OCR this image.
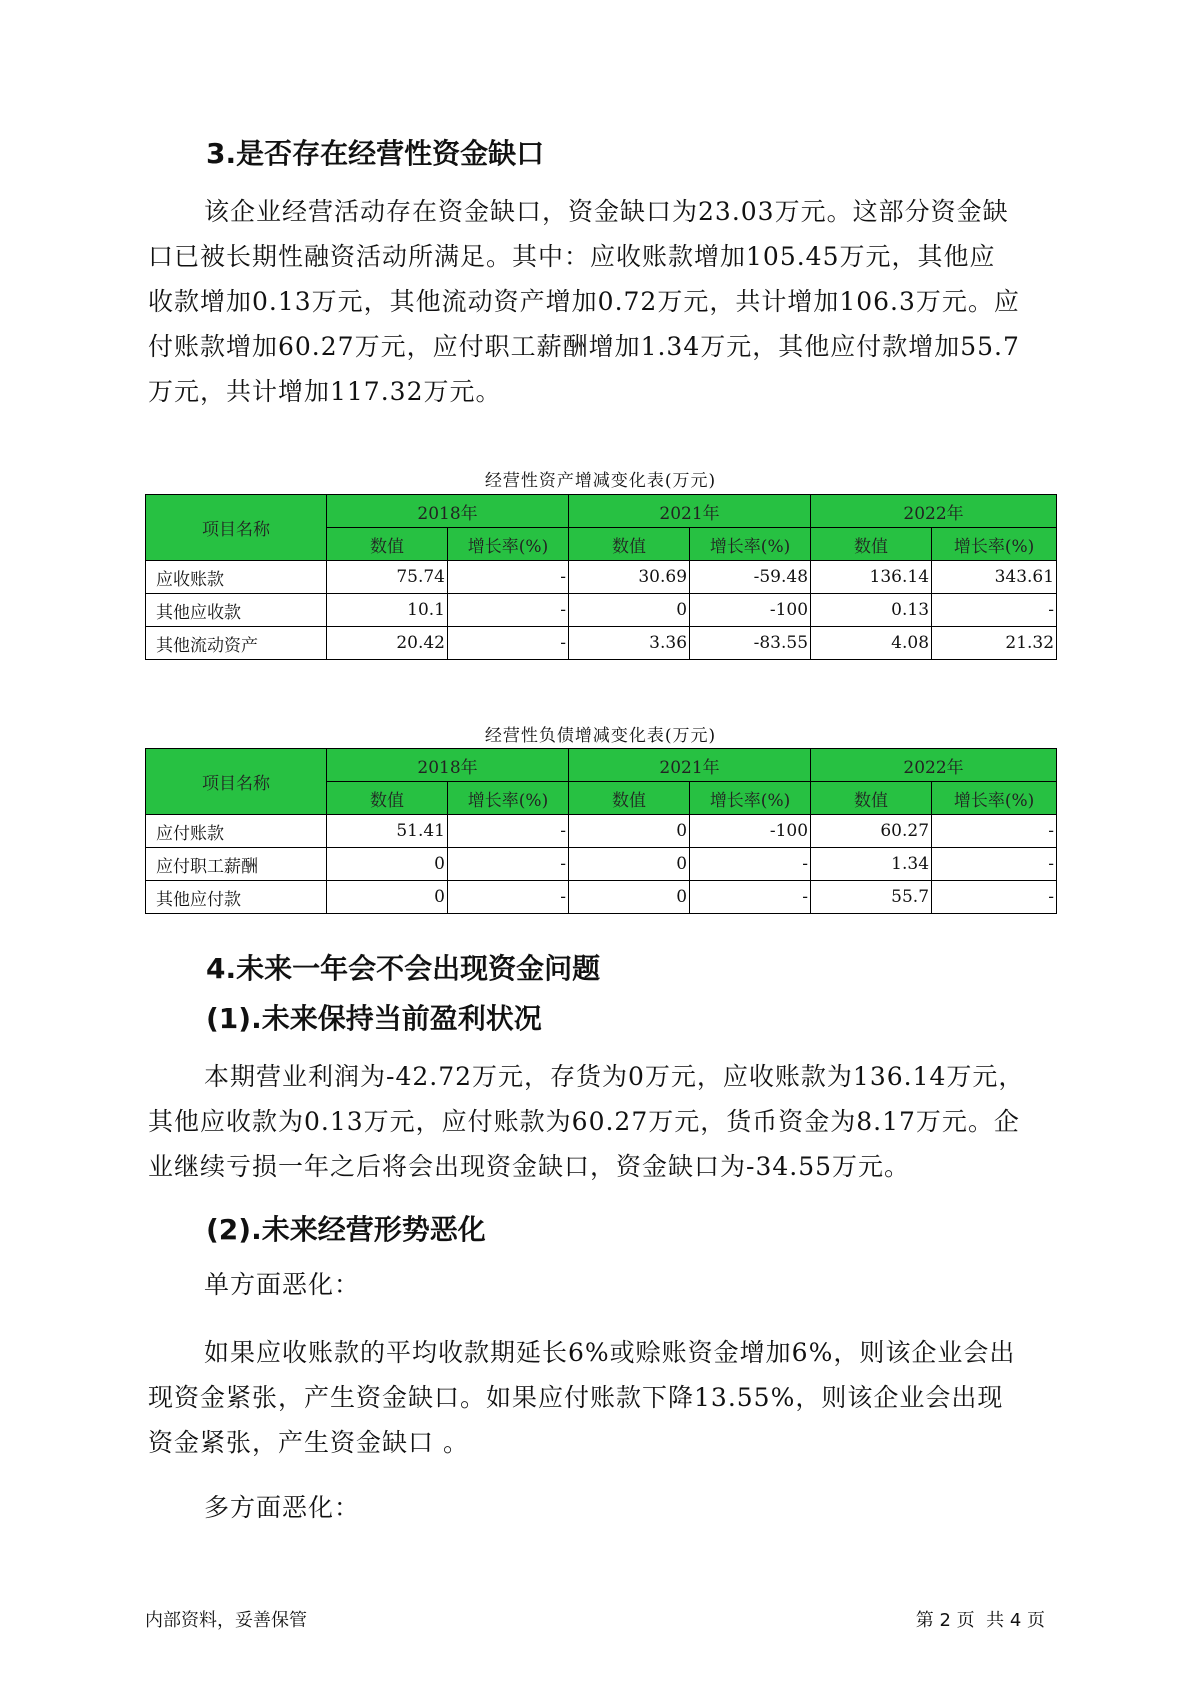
3.是否存在经营性资金缺口

该企业经营活动存在资金缺口，资金缺口为23.03万元。这部分资金缺
口已被长期性融资活动所满足。其中：应收账款增加105.45万元，其他应
收款增加0.13万元，其他流动资产增加0.72万元，共计增加106.3万元。应
付账款增加60.27万元，应付职工薪酬增加1.34万元，其他应付款增加55.7
万元，共计增加117.32万元。

经营性资产增减变化表(万元)

项目名称	2018年		2021年		2022年	
	数值	增长率(%)	数值	增长率(%)	数值	增长率(%)
应收账款	75.74	-	30.69	-59.48	136.14	343.61
其他应收款	10.1	-	0	-100	0.13	-
其他流动资产	20.42	-	3.36	-83.55	4.08	21.32

经营性负债增减变化表(万元)

项目名称	2018年		2021年		2022年	
	数值	增长率(%)	数值	增长率(%)	数值	增长率(%)
应付账款	51.41	-	0	-100	60.27	-
应付职工薪酬	0	-	0	-	1.34	-
其他应付款	0	-	0	-	55.7	-
4.未来一年会不会出现资金问题
(1).未来保持当前盈利状况

本期营业利润为-42.72万元，存货为0万元，应收账款为136.14万元，
其他应收款为0.13万元，应付账款为60.27万元，货币资金为8.17万元。企
业继续亏损一年之后将会出现资金缺口，资金缺口为-34.55万元。

(2).未来经营形势恶化

单方面恶化：

如果应收账款的平均收款期延长6%或赊账资金增加6%，则该企业会出
现资金紧张，产生资金缺口。如果应付账款下降13.55%，则该企业会出现
资金紧张，产生资金缺口 。

多方面恶化：

内部资料，妥善保管	第 2 页  共 4 页
